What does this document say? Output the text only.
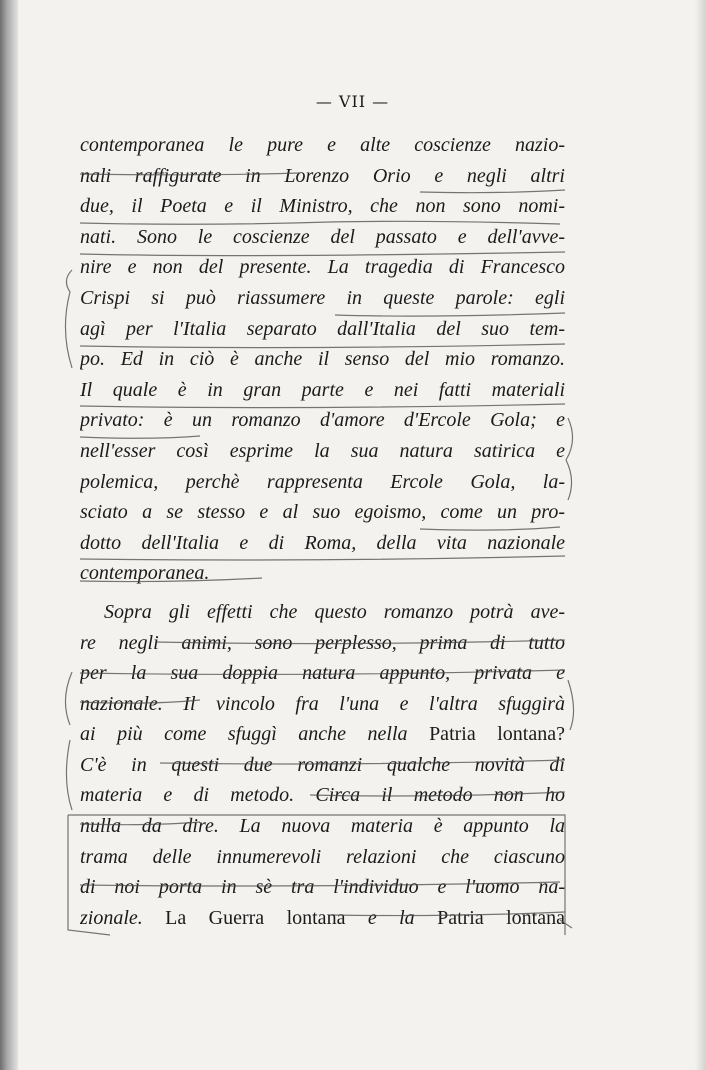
— VII —
contemporanea le pure e alte coscienze nazio-
nali raffigurate in Lorenzo Orio e negli altri
due, il Poeta e il Ministro, che non sono nomi-
nati. Sono le coscienze del passato e dell'avve-
nire e non del presente. La tragedia di Francesco
Crispi si può riassumere in queste parole: egli
agì per l'Italia separato dall'Italia del suo tem-
po. Ed in ciò è anche il senso del mio romanzo.
Il quale è in gran parte e nei fatti materiali
privato: è un romanzo d'amore d'Ercole Gola; e
nell'esser così esprime la sua natura satirica e
polemica, perchè rappresenta Ercole Gola, la-
sciato a se stesso e al suo egoismo, come un pro-
dotto dell'Italia e di Roma, della vita nazionale
contemporanea.
Sopra gli effetti che questo romanzo potrà ave-
re negli animi, sono perplesso, prima di tutto
per la sua doppia natura appunto, privata e
nazionale. Il vincolo fra l'una e l'altra sfuggirà
ai più come sfuggì anche nella Patria lontana?
C'è in questi due romanzi qualche novità di
materia e di metodo. Circa il metodo non ho
nulla da dire. La nuova materia è appunto la
trama delle innumerevoli relazioni che ciascuno
di noi porta in sè tra l'individuo e l'uomo na-
zionale. La Guerra lontana e la Patria lontana
